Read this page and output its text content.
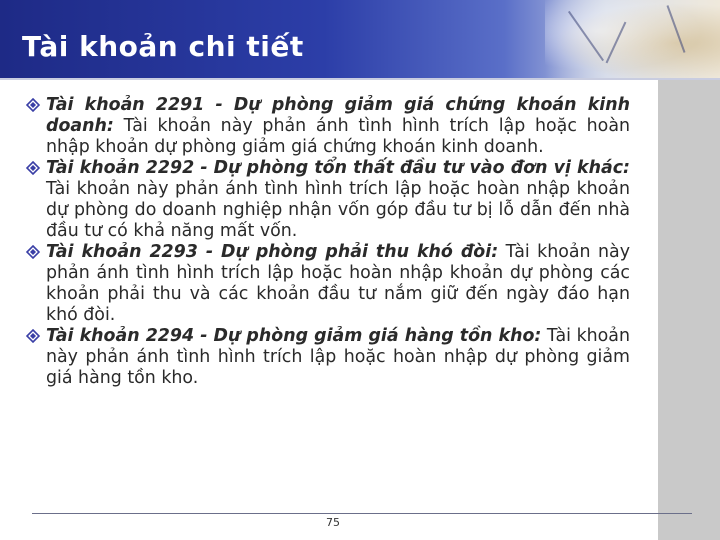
Tài khoản chi tiết

Tài khoản 2291 - Dự phòng giảm giá chứng khoán kinh doanh: Tài khoản này phản ánh tình hình trích lập hoặc hoàn nhập khoản dự phòng giảm giá chứng khoán kinh doanh.

Tài khoản 2292 - Dự phòng tổn thất đầu tư vào đơn vị khác: Tài khoản này phản ánh tình hình trích lập hoặc hoàn nhập khoản dự phòng do doanh nghiệp nhận vốn góp đầu tư bị lỗ dẫn đến nhà đầu tư có khả năng mất vốn.

Tài khoản 2293 - Dự phòng phải thu khó đòi: Tài khoản này phản ánh tình hình trích lập hoặc hoàn nhập khoản dự phòng các khoản phải thu và các khoản đầu tư nắm giữ đến ngày đáo hạn khó đòi.

Tài khoản 2294 - Dự phòng giảm giá hàng tồn kho: Tài khoản này phản ánh tình hình trích lập hoặc hoàn nhập dự phòng giảm giá hàng tồn kho.

75
